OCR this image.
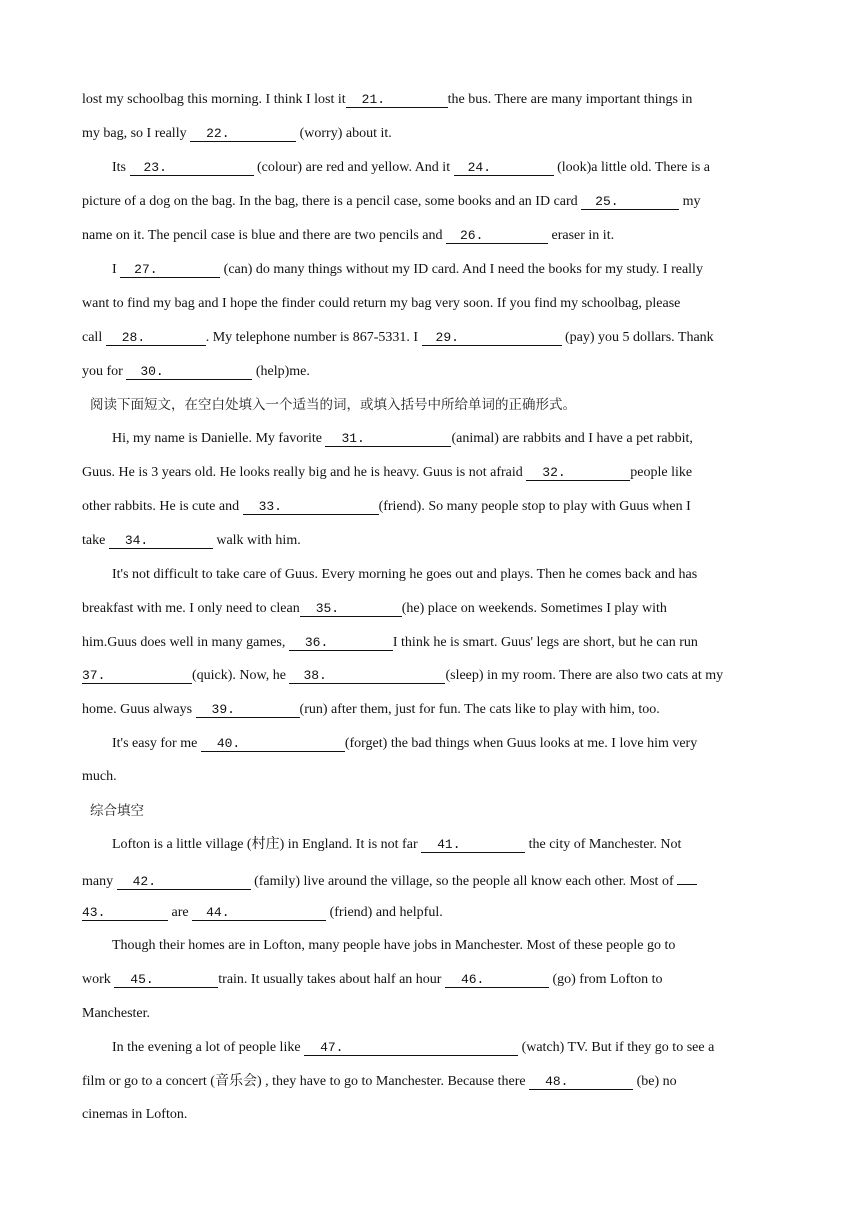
lost my schoolbag this morning. I think I lost it 21.	the bus. There are many important things in
my bag, so I really 22.	(worry) about it.
Its 23.	(colour) are red and yellow. And it 24.	(look)a little old. There is a
picture of a dog on the bag. In the bag, there is a pencil case, some books and an ID card 25.	my
name on it. The pencil case is blue and there are two pencils and 26.	eraser in it.
I 27.	(can) do many things without my ID card. And I need the books for my study. I really
want to find my bag and I hope the finder could return my bag very soon. If you find my schoolbag, please
call 28.	. My telephone number is 867-5331. I 29.	(pay) you 5 dollars. Thank
you for 30.	(help)me.
阅读下面短文，在空白处填入一个适当的词，或填入括号中所给单词的正确形式。
Hi, my name is Danielle. My favorite 31.	(animal) are rabbits and I have a pet rabbit,
Guus. He is 3 years old. He looks really big and he is heavy. Guus is not afraid 32.	people like
other rabbits. He is cute and 33.	(friend). So many people stop to play with Guus when I
take 34.	walk with him.
It's not difficult to take care of Guus. Every morning he goes out and plays. Then he comes back and has
breakfast with me. I only need to clean 35.	(he) place on weekends. Sometimes I play with
him.Guus does well in many games, 36.	I think he is smart. Guus' legs are short, but he can run
37.	(quick). Now, he 38.	(sleep) in my room. There are also two cats at my
home. Guus always 39.	(run) after them, just for fun. The cats like to play with him, too.
It's easy for me 40.	(forget) the bad things when Guus looks at me. I love him very
much.
综合填空
Lofton is a little village (村庄) in England. It is not far 41.	the city of Manchester. Not
many 42.	(family) live around the village, so the people all know each other. Most of
43.	are 44.	(friend) and helpful.
Though their homes are in Lofton, many people have jobs in Manchester. Most of these people go to
work 45.	train. It usually takes about half an hour 46.	(go) from Lofton to
Manchester.
In the evening a lot of people like 47.	(watch) TV. But if they go to see a
film or go to a concert (音乐会) , they have to go to Manchester. Because there 48.	(be) no
cinemas in Lofton.
